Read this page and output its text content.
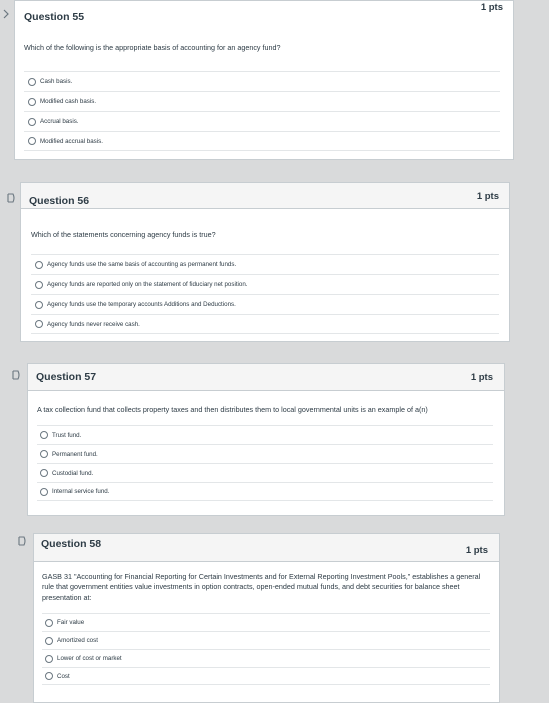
Question 55
1 pts
Which of the following is the appropriate basis of accounting for an agency fund?
Cash basis.
Modified cash basis.
Accrual basis.
Modified accrual basis.
Question 56	1 pts
Which of the statements concerning agency funds is true?
Agency funds use the same basis of accounting as permanent funds.
Agency funds are reported only on the statement of fiduciary net position.
Agency funds use the temporary accounts Additions and Deductions.
Agency funds never receive cash.
Question 57	1 pts
A tax collection fund that collects property taxes and then distributes them to local governmental units is an example of a(n)
Trust fund.
Permanent fund.
Custodial fund.
Internal service fund.
Question 58
1 pts
GASB 31 "Accounting for Financial Reporting for Certain Investments and for External Reporting Investment Pools," establishes a general rule that government entities value investments in option contracts, open-ended mutual funds, and debt securities for balance sheet presentation at:
Fair value
Amortized cost
Lower of cost or market
Cost
